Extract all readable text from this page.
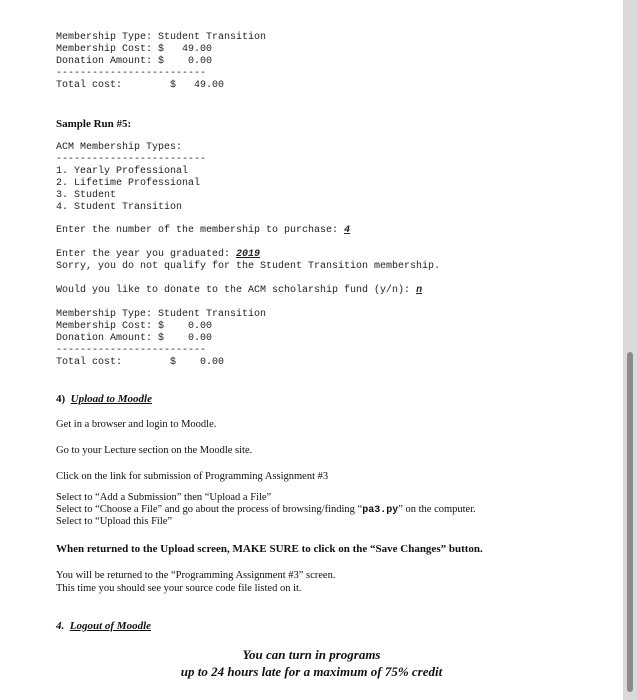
Membership Type: Student Transition
Membership Cost: $   49.00
Donation Amount: $    0.00
-------------------------
Total cost:        $   49.00
Sample Run #5:
ACM Membership Types:
-------------------------
1. Yearly Professional
2. Lifetime Professional
3. Student
4. Student Transition
Enter the number of the membership to purchase: 4
Enter the year you graduated: 2019
Sorry, you do not qualify for the Student Transition membership.
Would you like to donate to the ACM scholarship fund (y/n): n
Membership Type: Student Transition
Membership Cost: $    0.00
Donation Amount: $    0.00
-------------------------
Total cost:        $    0.00
4) Upload to Moodle
Get in a browser and login to Moodle.
Go to your Lecture section on the Moodle site.
Click on the link for submission of Programming Assignment #3
Select to “Add a Submission” then “Upload a File”
Select to “Choose a File” and go about the process of browsing/finding “pa3.py” on the computer.
Select to “Upload this File”
When returned to the Upload screen, MAKE SURE to click on the “Save Changes” button.
You will be returned to the “Programming Assignment #3” screen.
This time you should see your source code file listed on it.
4. Logout of Moodle
You can turn in programs
up to 24 hours late for a maximum of 75% credit
